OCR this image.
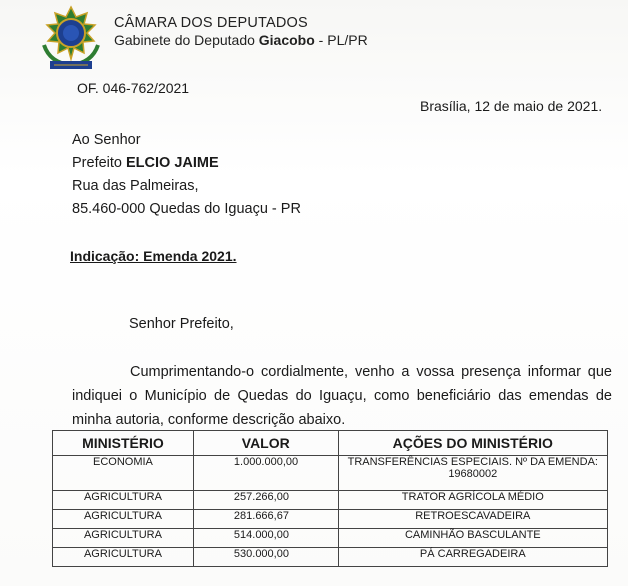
CÂMARA DOS DEPUTADOS
Gabinete do Deputado Giacobo - PL/PR
OF. 046-762/2021
Brasília, 12 de maio de 2021.
Ao Senhor
Prefeito ELCIO JAIME
Rua das Palmeiras,
85.460-000 Quedas do Iguaçu - PR
Indicação: Emenda 2021.
Senhor Prefeito,
Cumprimentando-o cordialmente, venho a vossa presença informar que indiquei o Município de Quedas do Iguaçu, como beneficiário das emendas de minha autoria, conforme descrição abaixo.
MINISTÉRIO	VALOR	AÇÕES DO MINISTÉRIO
ECONOMIA	1.000.000,00	TRANSFERÊNCIAS ESPECIAIS. Nº DA EMENDA: 19680002
AGRICULTURA	257.266,00	TRATOR AGRÍCOLA MÉDIO
AGRICULTURA	281.666,67	RETROESCAVADEIRA
AGRICULTURA	514.000,00	CAMINHÃO BASCULANTE
AGRICULTURA	530.000,00	PÁ CARREGADEIRA
